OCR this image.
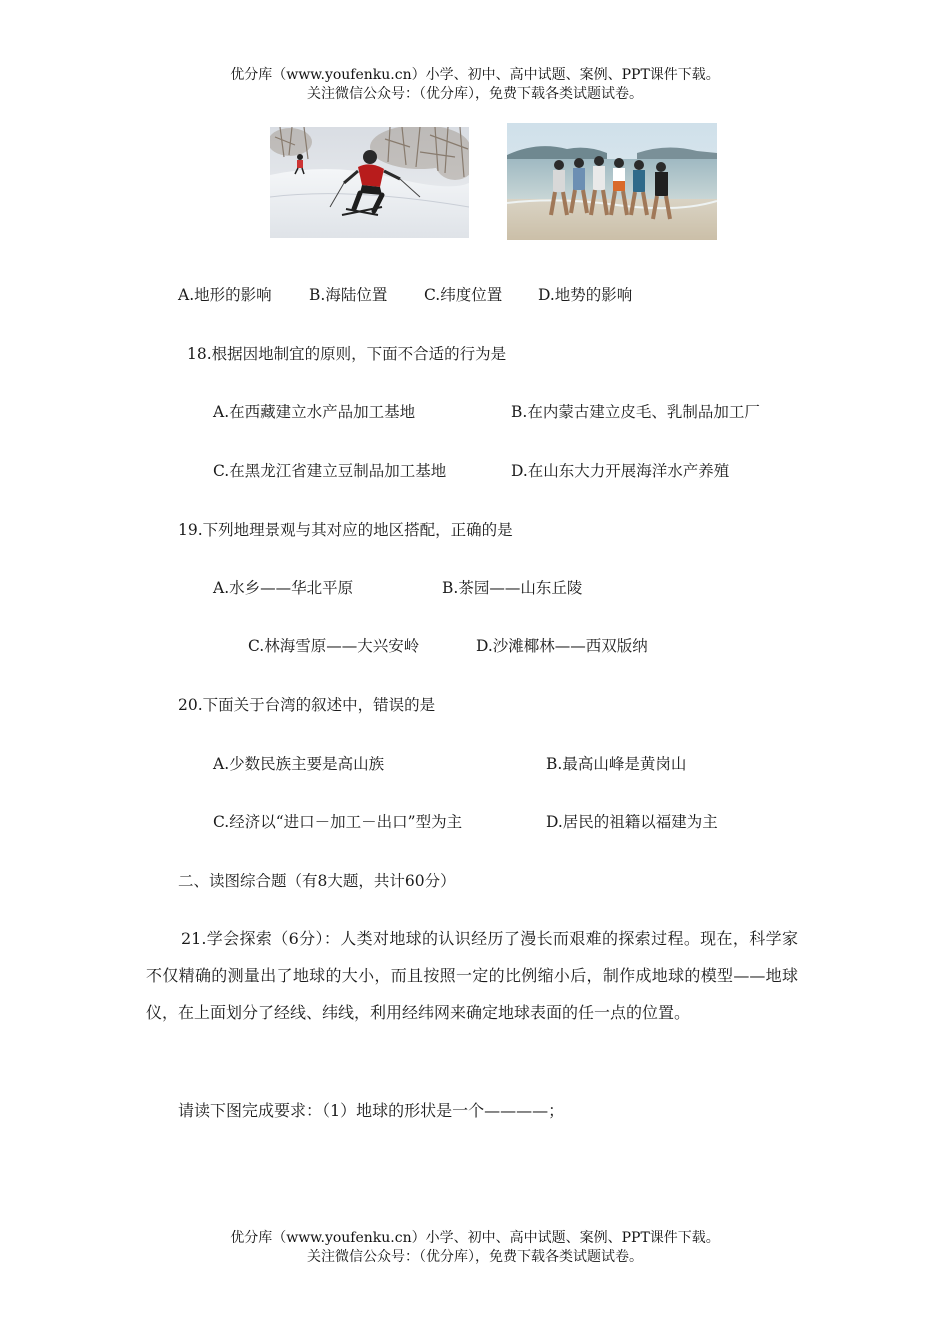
优分库（www.youfenku.cn）小学、初中、高中试题、案例、PPT课件下载。
关注微信公众号：（优分库），免费下载各类试题试卷。
A.地形的影响 B.海陆位置 C.纬度位置 D.地势的影响
18.根据因地制宜的原则，下面不合适的行为是
A.在西藏建立水产品加工基地	B.在内蒙古建立皮毛、乳制品加工厂
C.在黑龙江省建立豆制品加工基地	D.在山东大力开展海洋水产养殖
19.下列地理景观与其对应的地区搭配，正确的是
A.水乡——华北平原	B.茶园——山东丘陵
C.林海雪原——大兴安岭	D.沙滩椰林——西双版纳
20.下面关于台湾的叙述中，错误的是
A.少数民族主要是高山族	B.最高山峰是黄岗山
C.经济以“进口－加工－出口”型为主	D.居民的祖籍以福建为主
二、读图综合题（有8大题，共计60分）
21.学会探索（6分）：人类对地球的认识经历了漫长而艰难的探索过程。现在，科学家不仅精确的测量出了地球的大小，而且按照一定的比例缩小后，制作成地球的模型——地球仪，在上面划分了经线、纬线，利用经纬网来确定地球表面的任一点的位置。
请读下图完成要求：（1）地球的形状是一个————；
优分库（www.youfenku.cn）小学、初中、高中试题、案例、PPT课件下载。
关注微信公众号：（优分库），免费下载各类试题试卷。
